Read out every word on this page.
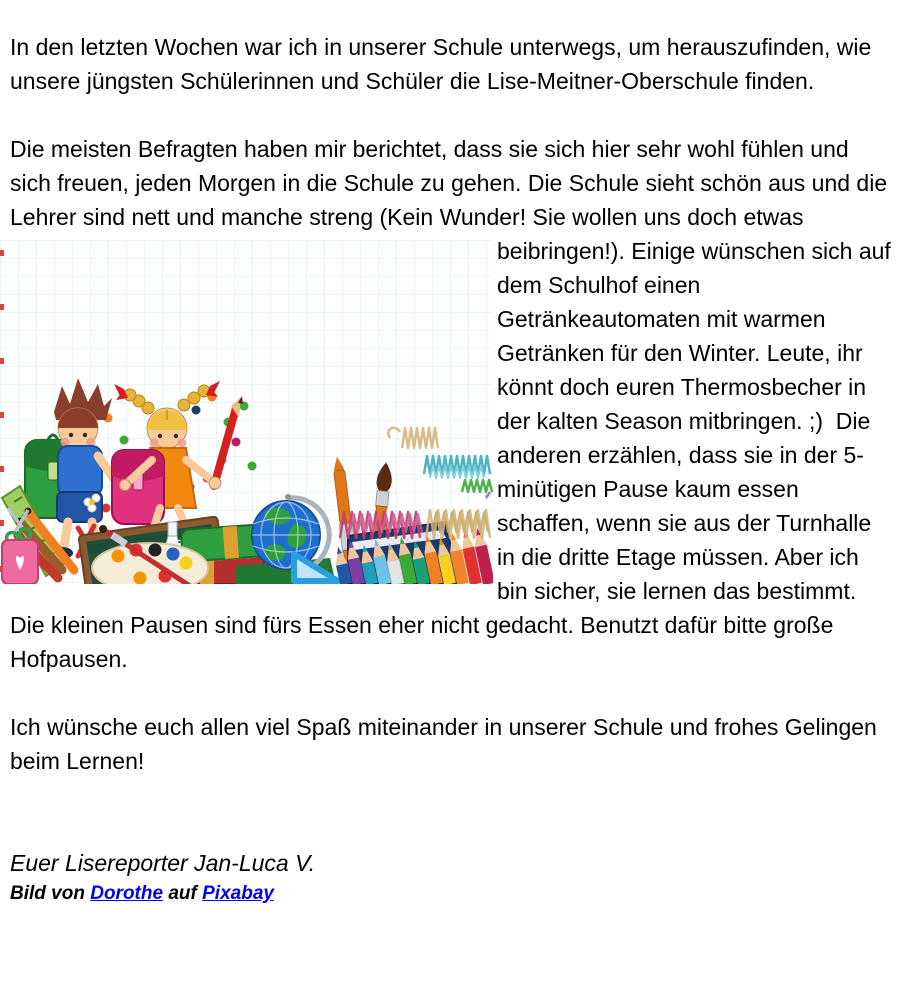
In den letzten Wochen war ich in unserer Schule unterwegs, um herauszufinden, wie unsere jüngsten Schülerinnen und Schüler die Lise-Meitner-Oberschule finden.

Die meisten Befragten haben mir berichtet, dass sie sich hier sehr wohl fühlen und sich freuen, jeden Morgen in die Schule zu gehen. Die Schule sieht schön aus und die Lehrer sind nett und manche streng (Kein
Wunder! Sie wollen uns doch etwas beibringen!). Einige wünschen sich auf dem Schulhof einen Getränkeautomaten mit warmen Getränken für den Winter. Leute, ihr könnt doch euren Thermosbecher in der kalten Season mitbringen. ;)  Die anderen erzählen, dass sie in der 5-minütigen Pause kaum essen schaffen, wenn sie aus der Turnhalle in die dritte Etage müssen. Aber ich bin sicher, sie lernen das bestimmt. Die kleinen Pausen sind fürs Essen eher nicht gedacht. Benutzt dafür bitte große Hofpausen.

Ich wünsche euch allen viel Spaß miteinander in unserer Schule und frohes Gelingen beim Lernen!

Euer Lisereporter Jan-Luca V.

Bild von Dorothe auf Pixabay
